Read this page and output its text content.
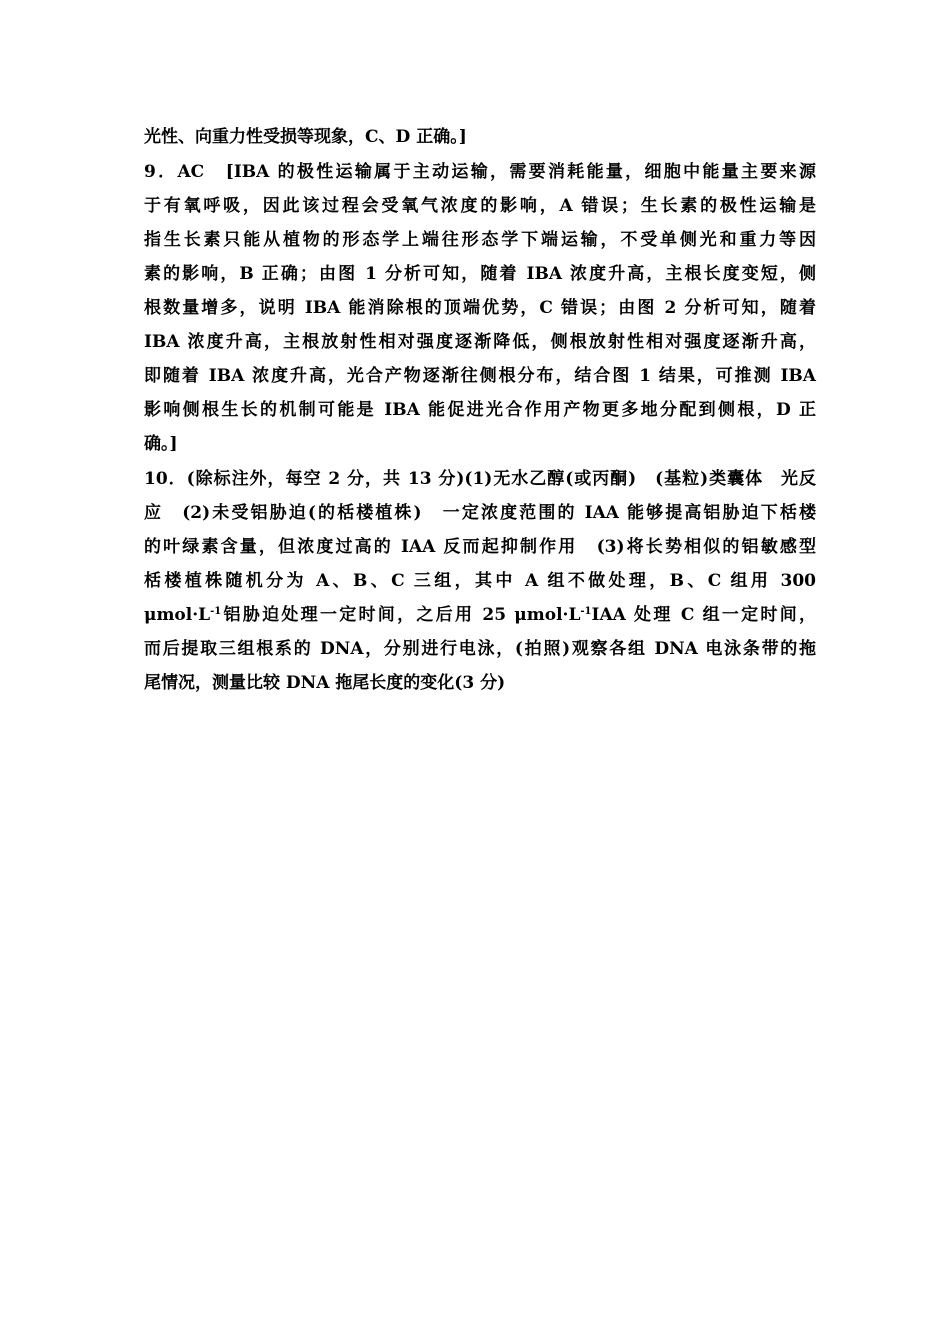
光性、向重力性受损等现象，C、D 正确。]
9．AC　[IBA 的极性运输属于主动运输，需要消耗能量，细胞中能量主要来源
于有氧呼吸，因此该过程会受氧气浓度的影响，A 错误；生长素的极性运输是
指生长素只能从植物的形态学上端往形态学下端运输，不受单侧光和重力等因
素的影响，B 正确；由图 1 分析可知，随着 IBA 浓度升高，主根长度变短，侧
根数量增多，说明 IBA 能消除根的顶端优势，C 错误；由图 2 分析可知，随着
IBA 浓度升高，主根放射性相对强度逐渐降低，侧根放射性相对强度逐渐升高，
即随着 IBA 浓度升高，光合产物逐渐往侧根分布，结合图 1 结果，可推测 IBA
影响侧根生长的机制可能是 IBA 能促进光合作用产物更多地分配到侧根，D 正
确。]
10．(除标注外，每空 2 分，共 13 分)(1)无水乙醇(或丙酮)　(基粒)类囊体　光反
应　(2)未受铝胁迫(的栝楼植株)　一定浓度范围的 IAA 能够提高铝胁迫下栝楼
的叶绿素含量，但浓度过高的 IAA 反而起抑制作用　(3)将长势相似的铝敏感型
栝楼植株随机分为 A、B、C 三组，其中 A 组不做处理，B、C 组用 300
$\mu mol\cdot L^{-1}$铝胁迫处理一定时间，之后用 25 $\mu mol\cdot L^{-1}IAA$ 处理 C 组一定时间，
而后提取三组根系的 DNA，分别进行电泳，(拍照)观察各组 DNA 电泳条带的拖
尾情况，测量比较 DNA 拖尾长度的变化(3 分)
